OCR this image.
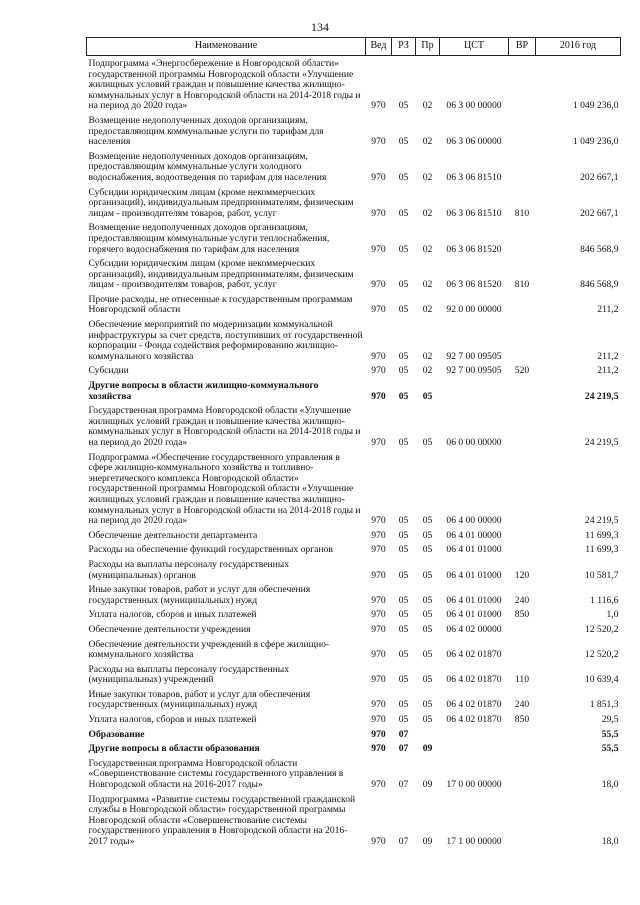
134
Наименование	Вед	РЗ	Пр	ЦСТ	ВР	2016 год
Подпрограмма «Энергосбережение в Новгородской области» государственной программы Новгородской области «Улучшение жилищных условий граждан и повышение качества жилищно-коммунальных услуг в Новгородской области на 2014-2018 годы и на период до 2020 года»	970	05	02	06 3 00 00000		1 049 236,0
Возмещение недополученных доходов организациям, предоставляющим коммунальные услуги по тарифам для населения	970	05	02	06 3 06 00000		1 049 236,0
Возмещение недополученных доходов организациям, предоставляющим коммунальные услуги холодного водоснабжения, водоотведения по тарифам для населения	970	05	02	06 3 06 81510		202 667,1
Субсидии юридическим лицам (кроме некоммерческих организаций), индивидуальным предпринимателям, физическим лицам - производителям товаров, работ, услуг	970	05	02	06 3 06 81510	810	202 667,1
Возмещение недополученных доходов организациям, предоставляющим коммунальные услуги теплоснабжения, горячего водоснабжения по тарифам для населения	970	05	02	06 3 06 81520		846 568,9
Субсидии юридическим лицам (кроме некоммерческих организаций), индивидуальным предпринимателям, физическим лицам - производителям товаров, работ, услуг	970	05	02	06 3 06 81520	810	846 568,9
Прочие расходы, не отнесенные к государственным программам Новгородской области	970	05	02	92 0 00 00000		211,2
Обеспечение мероприятий по модернизации коммунальной инфраструктуры за счет средств, поступивших от государственной корпорации - Фонда содействия реформированию жилищно-коммунального хозяйства	970	05	02	92 7 00 09505		211,2
Субсидии	970	05	02	92 7 00 09505	520	211,2
Другие вопросы в области жилищно-коммунального хозяйства	970	05	05			24 219,5
Государственная программа Новгородской области «Улучшение жилищных условий граждан и повышение качества жилищно-коммунальных услуг в Новгородской области на 2014-2018 годы и на период до 2020 года»	970	05	05	06 0 00 00000		24 219,5
Подпрограмма «Обеспечение государственного управления в сфере жилищно-коммунального хозяйства и топливно-энергетического комплекса Новгородской области» государственной программы Новгородской области «Улучшение жилищных условий граждан и повышение качества жилищно-коммунальных услуг в Новгородской области на 2014-2018 годы и на период до 2020 года»	970	05	05	06 4 00 00000		24 219,5
Обеспечение деятельности департамента	970	05	05	06 4 01 00000		11 699,3
Расходы на обеспечение функций государственных органов	970	05	05	06 4 01 01000		11 699,3
Расходы на выплаты персоналу государственных (муниципальных) органов	970	05	05	06 4 01 01000	120	10 581,7
Иные закупки товаров, работ и услуг для обеспечения государственных (муниципальных) нужд	970	05	05	06 4 01 01000	240	1 116,6
Уплата налогов, сборов и иных платежей	970	05	05	06 4 01 01000	850	1,0
Обеспечение деятельности учреждения	970	05	05	06 4 02 00000		12 520,2
Обеспечение деятельности учреждений в сфере жилищно-коммунального хозяйства	970	05	05	06 4 02 01870		12 520,2
Расходы на выплаты персоналу государственных (муниципальных) учреждений	970	05	05	06 4 02 01870	110	10 639,4
Иные закупки товаров, работ и услуг для обеспечения государственных (муниципальных) нужд	970	05	05	06 4 02 01870	240	1 851,3
Уплата налогов, сборов и иных платежей	970	05	05	06 4 02 01870	850	29,5
Образование	970	07				55,5
Другие вопросы в области образования	970	07	09			55,5
Государственная программа Новгородской области «Совершенствование системы государственного управления в Новгородской области на 2016-2017 годы»	970	07	09	17 0 00 00000		18,0
Подпрограмма «Развитие системы государственной гражданской службы в Новгородской области» государственной программы Новгородской области «Совершенствование системы государственного управления в Новгородской области на 2016-2017 годы»	970	07	09	17 1 00 00000		18,0
